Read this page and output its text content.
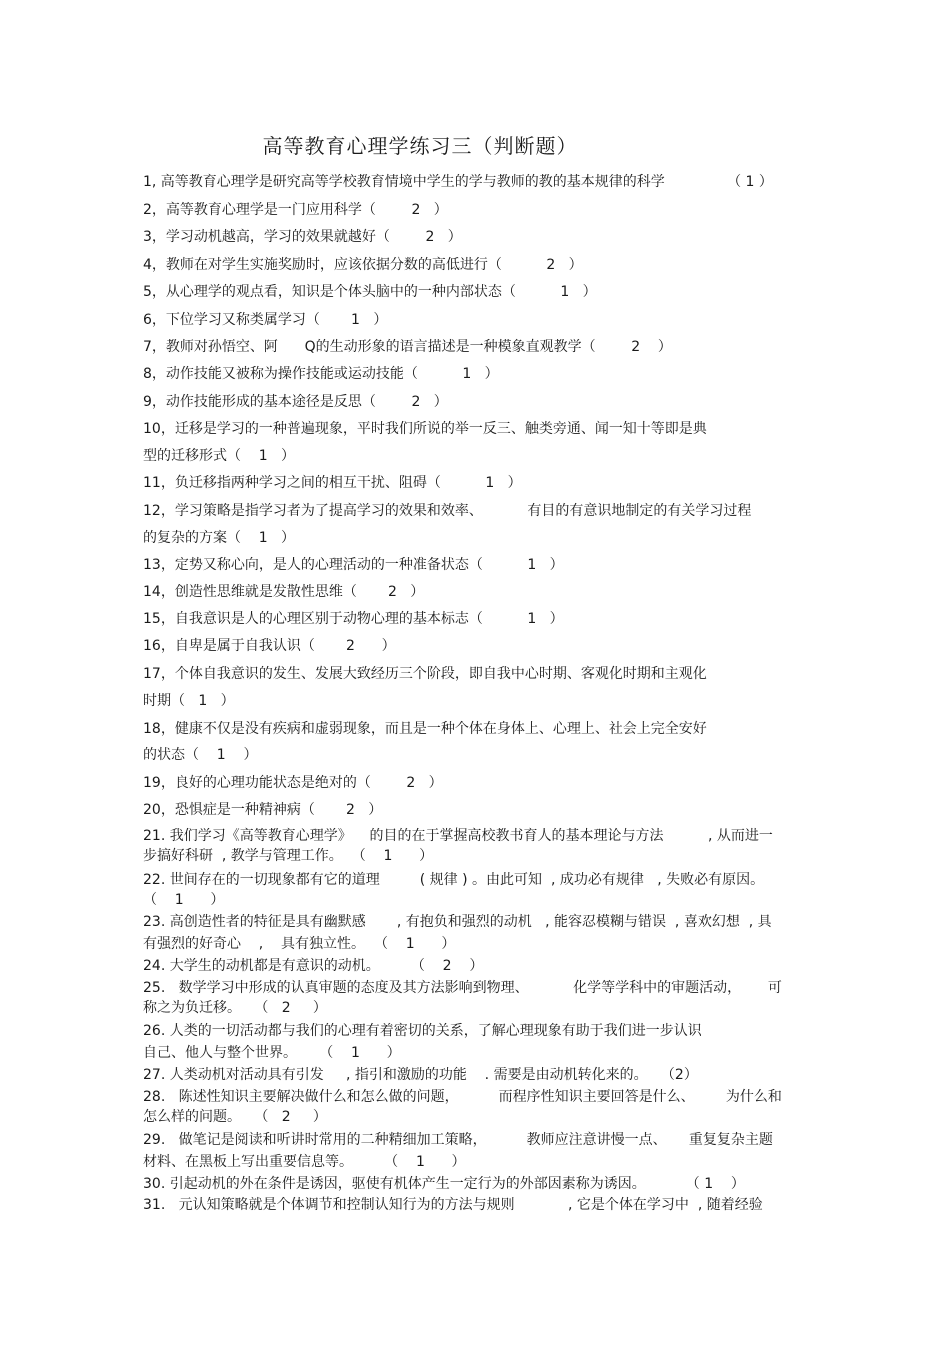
高等教育心理学练习三（判断题）
1, 高等教育心理学是研究高等学校教育情境中学生的学与教师的教的基本规律的科学              （ 1 ）
2，高等教育心理学是一门应用科学（        2   ）
3，学习动机越高，学习的效果就越好（        2   ）
4，教师在对学生实施奖励时，应该依据分数的高低进行（          2   ）
5，从心理学的观点看，知识是个体头脑中的一种内部状态（          1   ）
6，下位学习又称类属学习（       1   ）
7，教师对孙悟空、阿      Q的生动形象的语言描述是一种模象直观教学（        2    ）
8，动作技能又被称为操作技能或运动技能（          1   ）
9，动作技能形成的基本途径是反思（        2   ）
10，迁移是学习的一种普遍现象，平时我们所说的举一反三、触类旁通、闻一知十等即是典
型的迁移形式（    1   ）
11，负迁移指两种学习之间的相互干扰、阻碍（          1   ）
12，学习策略是指学习者为了提高学习的效果和效率、          有目的有意识地制定的有关学习过程
的复杂的方案（    1   ）
13，定势又称心向，是人的心理活动的一种准备状态（          1   ）
14，创造性思维就是发散性思维（       2   ）
15，自我意识是人的心理区别于动物心理的基本标志（          1   ）
16，自卑是属于自我认识（       2      ）
17，个体自我意识的发生、发展大致经历三个阶段，即自我中心时期、客观化时期和主观化
时期（   1   ）
18，健康不仅是没有疾病和虚弱现象，而且是一种个体在身体上、心理上、社会上完全安好
的状态（    1    ）
19，良好的心理功能状态是绝对的（        2   ）
20，恐惧症是一种精神病（       2   ）
21. 我们学习《高等教育心理学》    的目的在于掌握高校教书育人的基本理论与方法          , 从而进一
步搞好科研  , 教学与管理工作。  （    1      ）
22. 世间存在的一切现象都有它的道理         ( 规律 ) 。由此可知  , 成功必有规律   , 失败必有原因。
（    1      ）
23. 高创造性者的特征是具有幽默感       , 有抱负和强烈的动机   , 能容忍模糊与错误  , 喜欢幻想  , 具
有强烈的好奇心    ,    具有独立性。  （    1      ）
24. 大学生的动机都是有意识的动机。       （    2    ）
25.   数学学习中形成的认真审题的态度及其方法影响到物理、          化学等学科中的审题活动，      可
称之为负迁移。   （   2     ）
26. 人类的一切活动都与我们的心理有着密切的关系，了解心理现象有助于我们进一步认识
自己、他人与整个世界。     （    1      ）
27. 人类动机对活动具有引发     , 指引和激励的功能    . 需要是由动机转化来的。   （2）
28.   陈述性知识主要解决做什么和怎么做的问题，         而程序性知识主要回答是什么、       为什么和
怎么样的问题。   （   2     ）
29.   做笔记是阅读和听讲时常用的二种精细加工策略，         教师应注意讲慢一点、     重复复杂主题
材料、在黑板上写出重要信息等。       （    1      ）
30. 引起动机的外在条件是诱因，驱使有机体产生一定行为的外部因素称为诱因。         （ 1    ）
31.   元认知策略就是个体调节和控制认知行为的方法与规则            , 它是个体在学习中  , 随着经验
